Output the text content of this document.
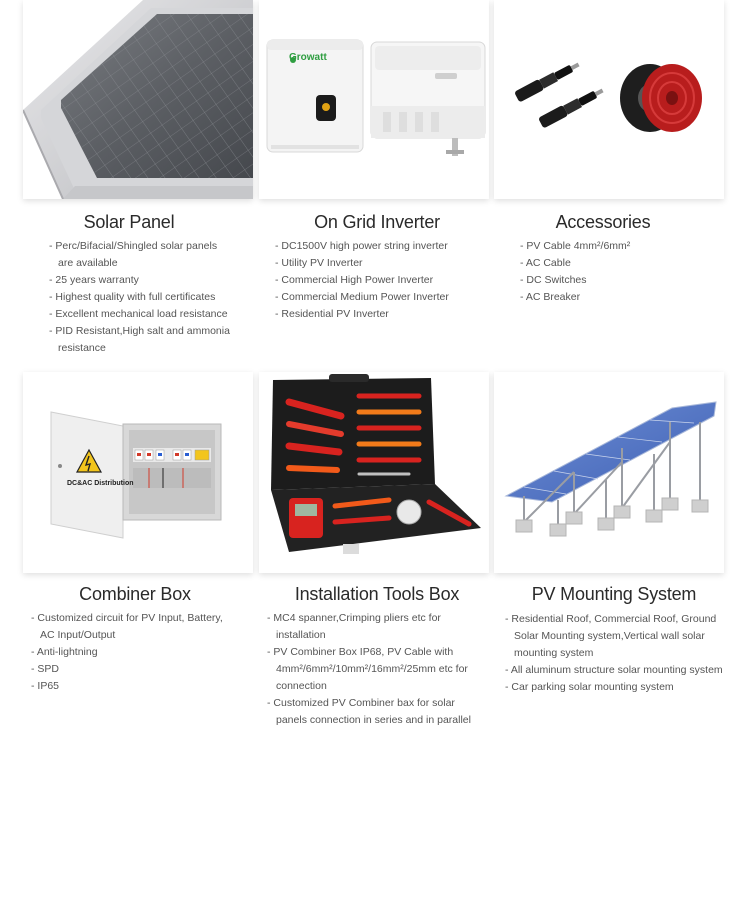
Solar Panel
- Perc/Bifacial/Shingled solar panels are available
- 25 years warranty
- Highest quality with full certificates
- Excellent mechanical load resistance
- PID Resistant,High salt and ammonia resistance
Growatt
On Grid Inverter
- DC1500V high power string inverter
- Utility PV Inverter
- Commercial High Power Inverter
- Commercial Medium Power Inverter
- Residential PV Inverter
Accessories
- PV Cable 4mm²/6mm²
- AC Cable
- DC Switches
- AC Breaker
DC&AC Distribution
Combiner Box
- Customized circuit for PV Input, Battery, AC Input/Output
- Anti-lightning
- SPD
- IP65
Installation Tools Box
- MC4 spanner,Crimping pliers etc for installation
- PV Combiner Box IP68, PV Cable with 4mm²/6mm²/10mm²/16mm²/25mm etc for connection
- Customized PV Combiner bax for solar panels connection in series and in parallel
PV Mounting System
- Residential Roof, Commercial Roof, Ground Solar Mounting system,Vertical wall solar mounting system
- All aluminum structure solar mounting system
- Car parking solar mounting system
